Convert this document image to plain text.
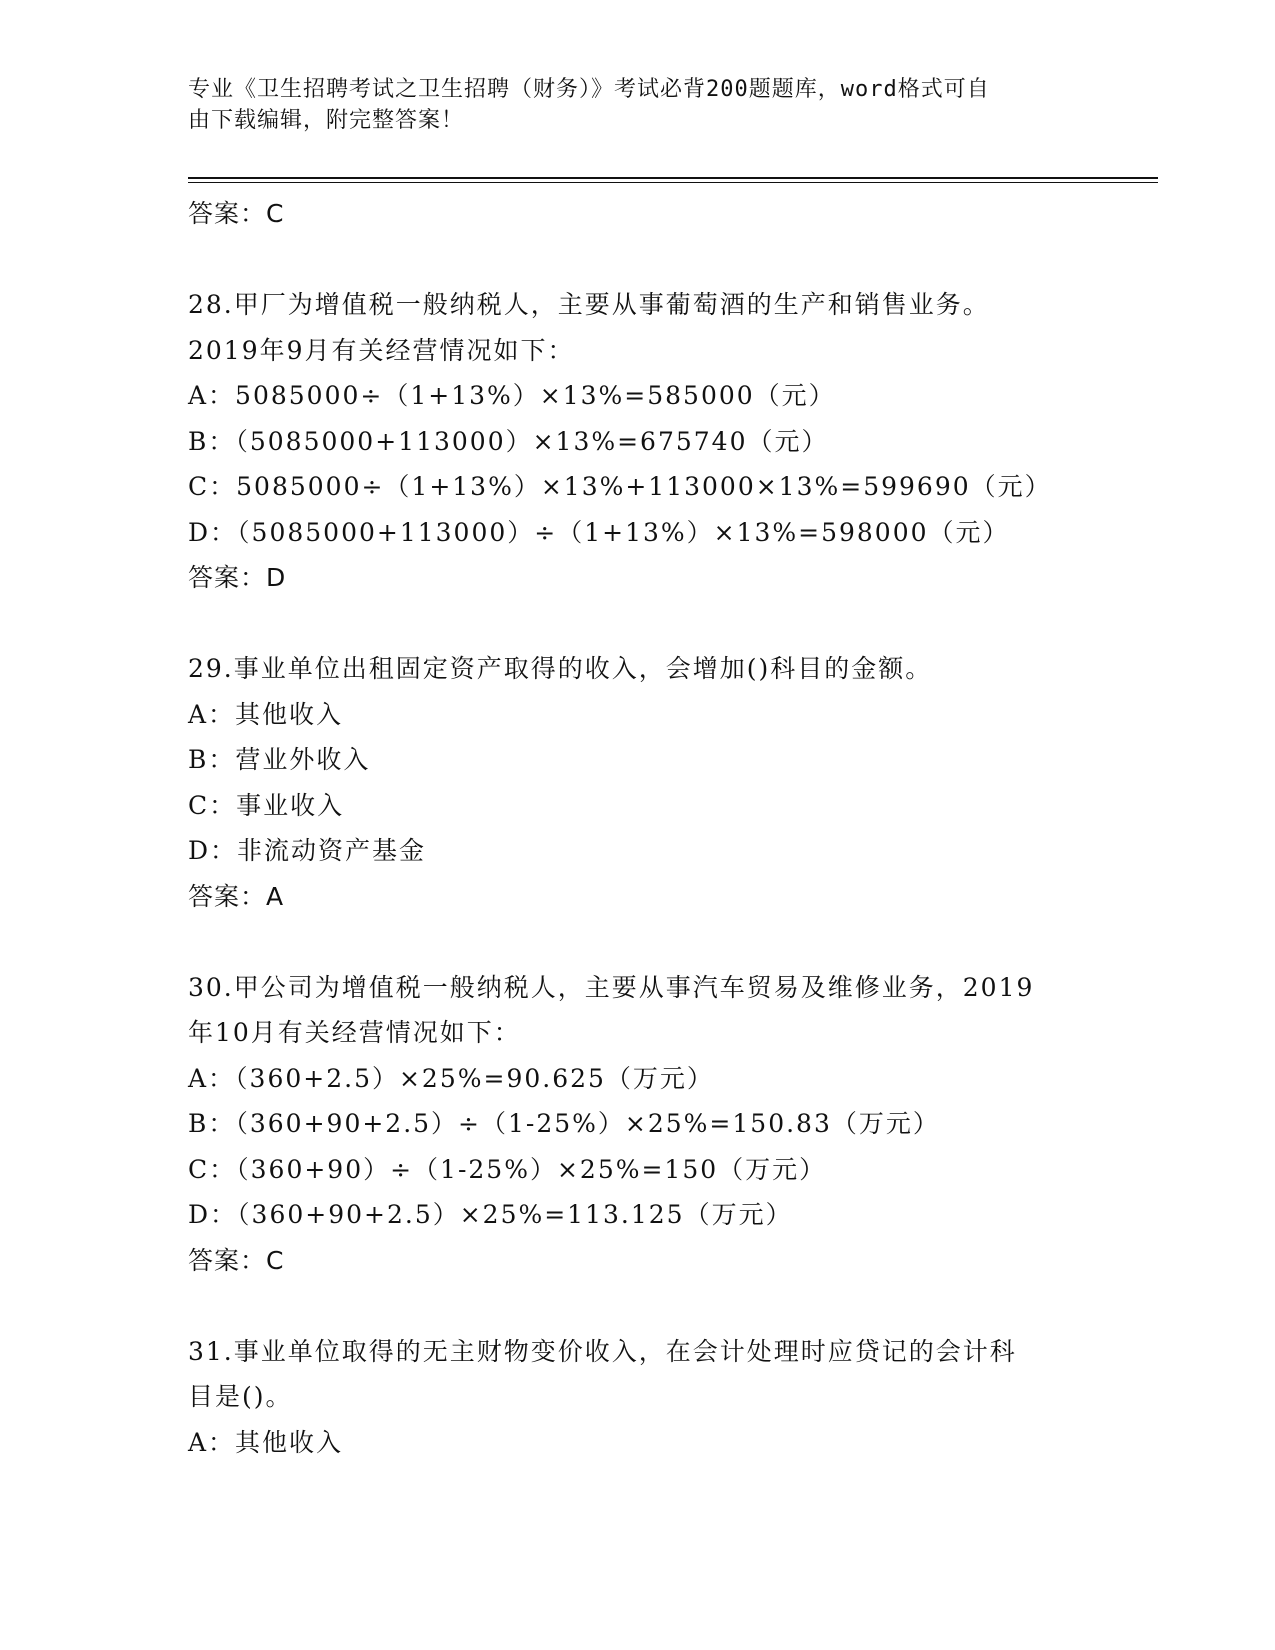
专业《卫生招聘考试之卫生招聘（财务）》考试必背200题题库，word格式可自
由下载编辑，附完整答案！
答案：C
28.甲厂为增值税一般纳税人，主要从事葡萄酒的生产和销售业务。
2019年9月有关经营情况如下：
A：5085000÷（1+13%）×13%=585000（元）
B：（5085000+113000）×13%=675740（元）
C：5085000÷（1+13%）×13%+113000×13%=599690（元）
D：（5085000+113000）÷（1+13%）×13%=598000（元）
答案：D
29.事业单位出租固定资产取得的收入，会增加()科目的金额。
A：其他收入
B：营业外收入
C：事业收入
D：非流动资产基金
答案：A
30.甲公司为增值税一般纳税人，主要从事汽车贸易及维修业务，2019
年10月有关经营情况如下：
A：（360+2.5）×25%=90.625（万元）
B：（360+90+2.5）÷（1-25%）×25%=150.83（万元）
C：（360+90）÷（1-25%）×25%=150（万元）
D：（360+90+2.5）×25%=113.125（万元）
答案：C
31.事业单位取得的无主财物变价收入，在会计处理时应贷记的会计科
目是()。
A：其他收入
